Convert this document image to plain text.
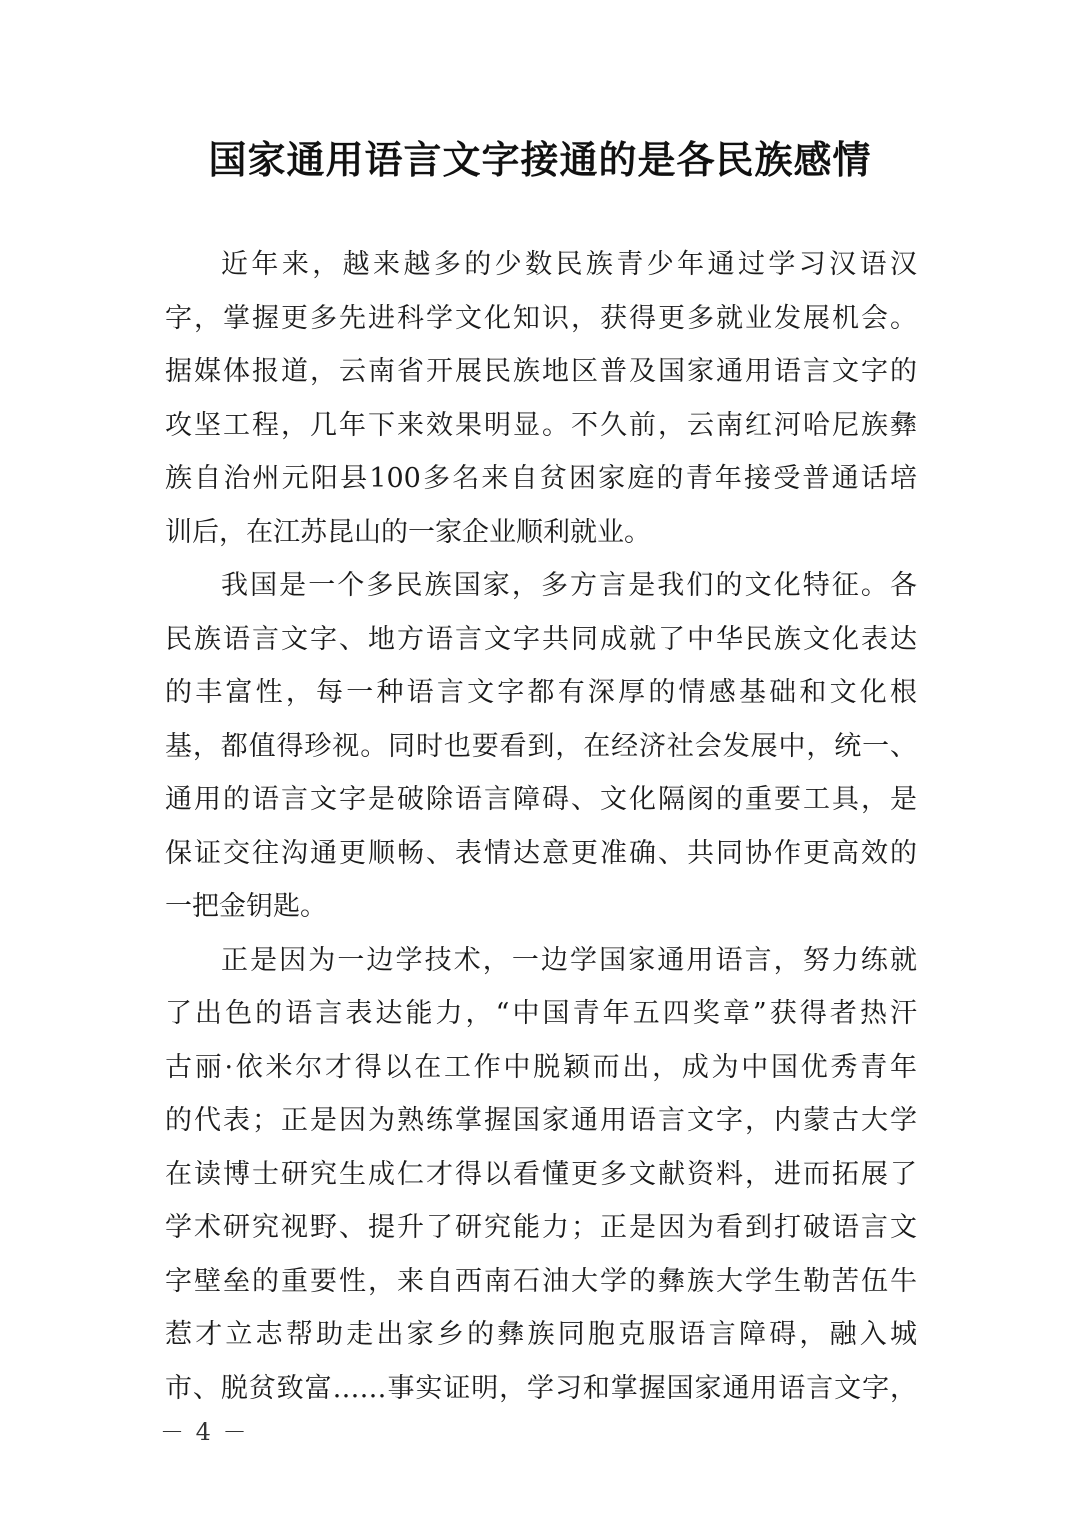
国家通用语言文字接通的是各民族感情
近年来，越来越多的少数民族青少年通过学习汉语汉
字，掌握更多先进科学文化知识，获得更多就业发展机会。
据媒体报道，云南省开展民族地区普及国家通用语言文字的
攻坚工程，几年下来效果明显。不久前，云南红河哈尼族彝
族自治州元阳县100多名来自贫困家庭的青年接受普通话培
训后，在江苏昆山的一家企业顺利就业。
我国是一个多民族国家，多方言是我们的文化特征。各
民族语言文字、地方语言文字共同成就了中华民族文化表达
的丰富性，每一种语言文字都有深厚的情感基础和文化根
基，都值得珍视。同时也要看到，在经济社会发展中，统一、
通用的语言文字是破除语言障碍、文化隔阂的重要工具，是
保证交往沟通更顺畅、表情达意更准确、共同协作更高效的
一把金钥匙。
正是因为一边学技术，一边学国家通用语言，努力练就
了出色的语言表达能力，“中国青年五四奖章”获得者热汗
古丽·依米尔才得以在工作中脱颖而出，成为中国优秀青年
的代表；正是因为熟练掌握国家通用语言文字，内蒙古大学
在读博士研究生成仁才得以看懂更多文献资料，进而拓展了
学术研究视野、提升了研究能力；正是因为看到打破语言文
字壁垒的重要性，来自西南石油大学的彝族大学生勒苦伍牛
惹才立志帮助走出家乡的彝族同胞克服语言障碍，融入城
市、脱贫致富……事实证明，学习和掌握国家通用语言文字，
－ 4 －
